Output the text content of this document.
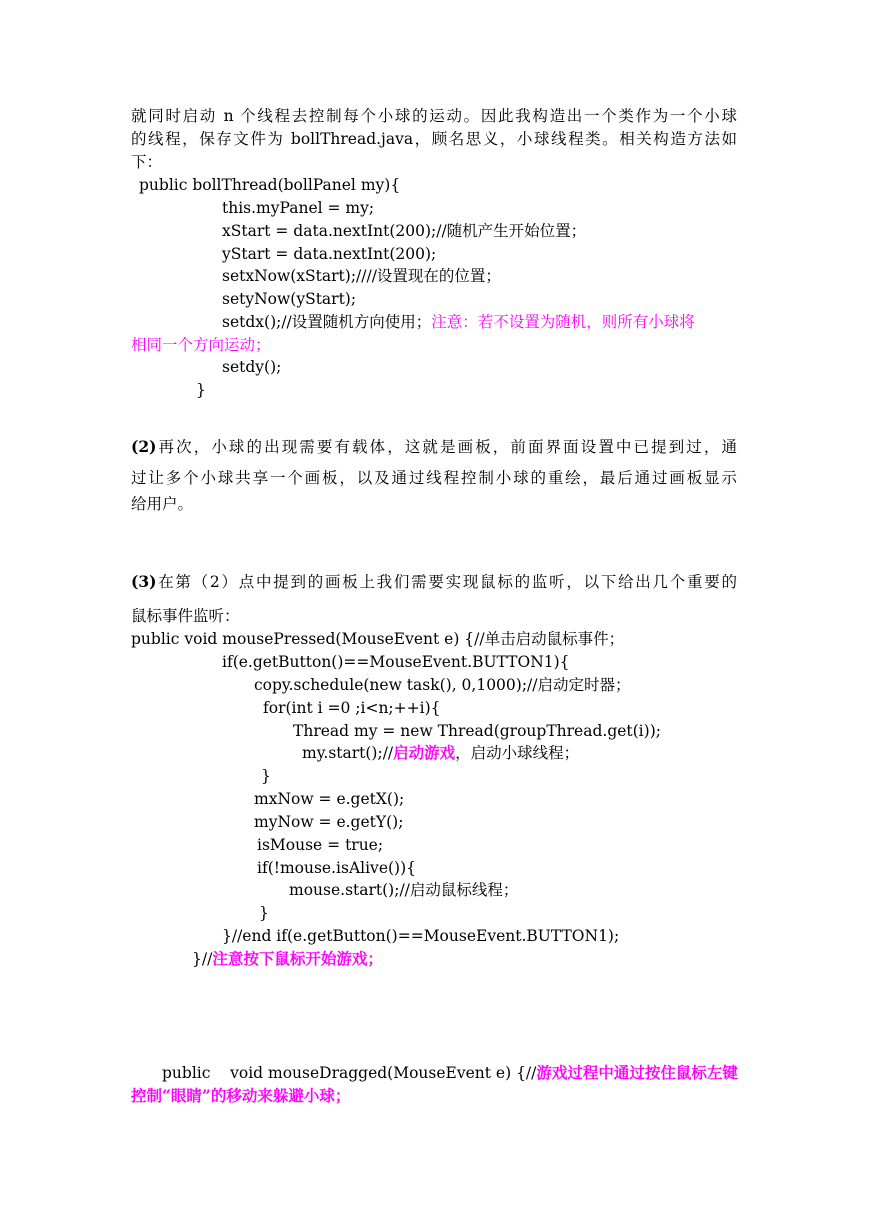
就同时启动 n 个线程去控制每个小球的运动。因此我构造出一个类作为一个小球
的线程，保存文件为 bollThread.java，顾名思义，小球线程类。相关构造方法如
下：
public bollThread(bollPanel my){
this.myPanel = my;
xStart = data.nextInt(200);//随机产生开始位置；
yStart = data.nextInt(200);
setxNow(xStart);////设置现在的位置；
setyNow(yStart);
setdx();//设置随机方向使用；注意：若不设置为随机，则所有小球将
相同一个方向运动；
setdy();
}
(2)再次，小球的出现需要有载体，这就是画板，前面界面设置中已提到过，通
过让多个小球共享一个画板，以及通过线程控制小球的重绘，最后通过画板显示
给用户。
(3)在第（2）点中提到的画板上我们需要实现鼠标的监听，以下给出几个重要的
鼠标事件监听：
public void mousePressed(MouseEvent e) {//单击启动鼠标事件；
if(e.getButton()==MouseEvent.BUTTON1){
copy.schedule(new task(), 0,1000);//启动定时器；
for(int i =0 ;i<n;++i){
Thread my = new Thread(groupThread.get(i));
my.start();//启动游戏，启动小球线程；
}
mxNow = e.getX();
myNow = e.getY();
isMouse = true;
if(!mouse.isAlive()){
mouse.start();//启动鼠标线程；
}
}//end if(e.getButton()==MouseEvent.BUTTON1);
}//注意按下鼠标开始游戏；
public    void mouseDragged(MouseEvent e) {//游戏过程中通过按住鼠标左键
控制“眼睛”的移动来躲避小球；
